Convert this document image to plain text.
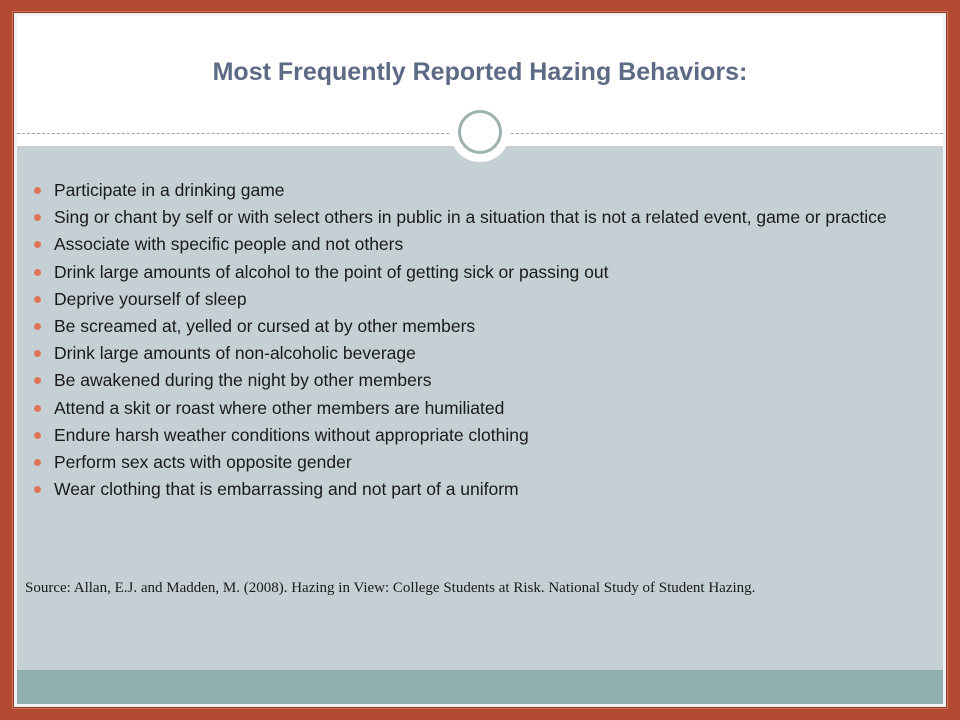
Most Frequently Reported Hazing Behaviors:
Participate in a drinking game
Sing or chant by self or with select others in public in a situation that is not a related event, game or practice
Associate with specific people and not others
Drink large amounts of alcohol to the point of getting sick or passing out
Deprive yourself of sleep
Be screamed at, yelled or cursed at by other members
Drink large amounts of non-alcoholic beverage
Be awakened during the night by other members
Attend a skit or roast where other members are humiliated
Endure harsh weather conditions without appropriate clothing
Perform sex acts with opposite gender
Wear clothing that is embarrassing and not part of a uniform

Source: Allan, E.J. and Madden, M. (2008). Hazing in View: College Students at Risk. National Study of Student Hazing.
